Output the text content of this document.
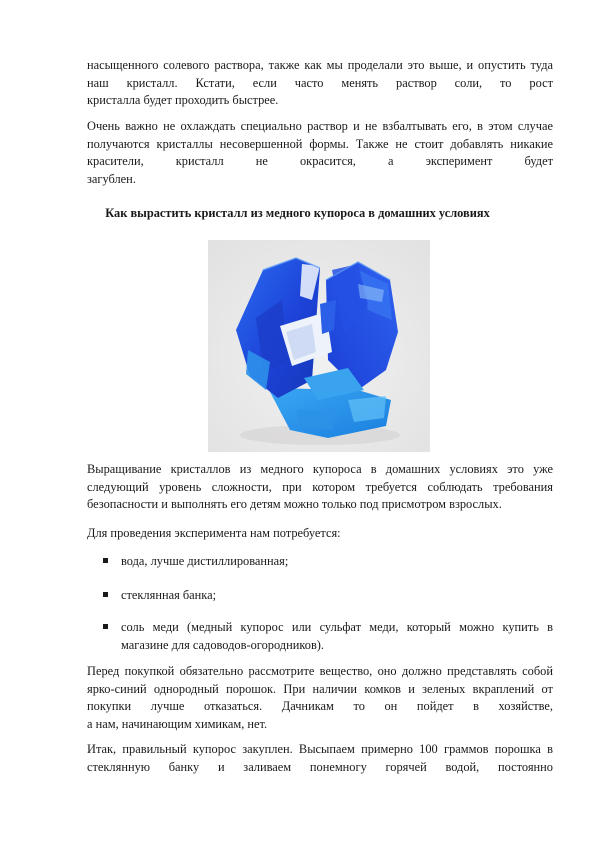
насыщенного солевого раствора, также как мы проделали это выше, и опустить туда наш кристалл. Кстати, если часто менять раствор соли, то рост
кристалла будет проходить быстрее.

Очень важно не охлаждать специально раствор и не взбалтывать его, в этом случае получаются кристаллы несовершенной формы. Также не стоит добавлять никакие красители, кристалл не окрасится, а эксперимент будет
загублен.

Как вырастить кристалл из медного купороса в домашних условиях

Выращивание кристаллов из медного купороса в домашних условиях это уже следующий уровень сложности, при котором требуется соблюдать требования
безопасности и выполнять его детям можно только под присмотром взрослых.

Для проведения эксперимента нам потребуется:

вода, лучше дистиллированная;
стеклянная банка;
соль меди (медный купорос или сульфат меди, который можно купить в
магазине для садоводов-огородников).

Перед покупкой обязательно рассмотрите вещество, оно должно представлять собой ярко-синий однородный порошок. При наличии комков и зеленых вкраплений от покупки лучше отказаться. Дачникам то он пойдет в хозяйстве,
а нам, начинающим химикам, нет.

Итак, правильный купорос закуплен. Высыпаем примерно 100 граммов порошка в стеклянную банку и заливаем понемногу горячей водой, постоянно
